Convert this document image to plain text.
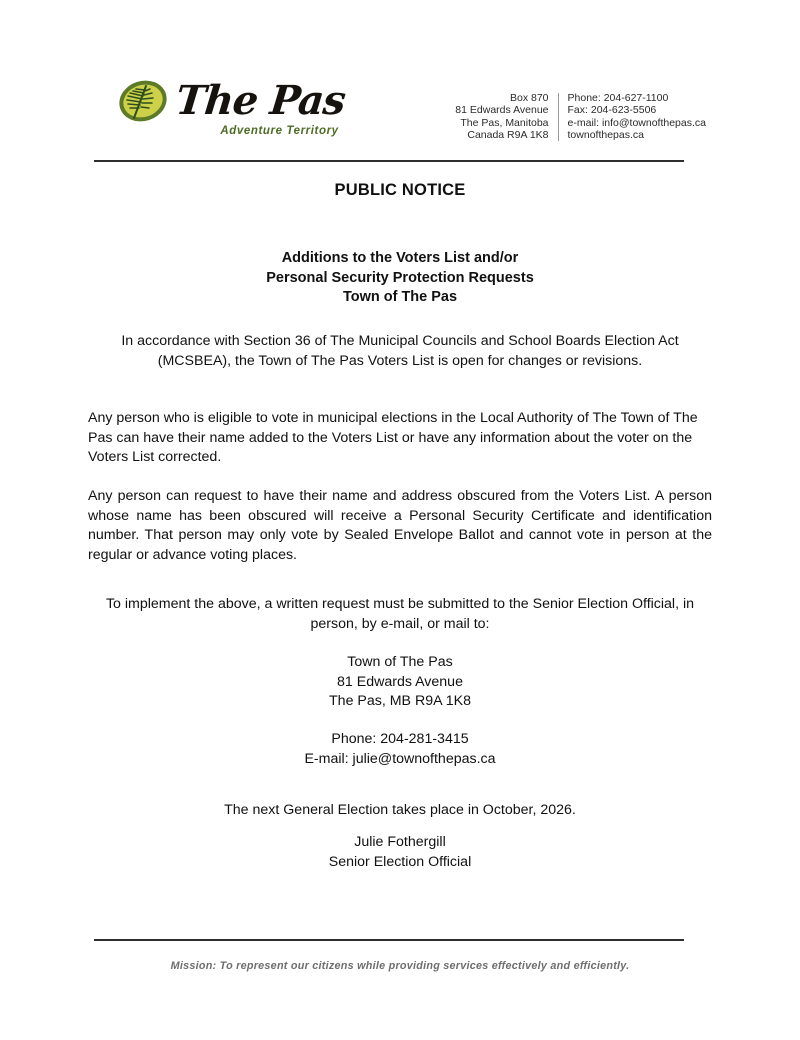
The Pas
Adventure Territory
Box 870
81 Edwards Avenue
The Pas, Manitoba
Canada R9A 1K8
Phone: 204-627-1100
Fax: 204-623-5506
e-mail: info@townofthepas.ca
townofthepas.ca
PUBLIC NOTICE
Additions to the Voters List and/or
Personal Security Protection Requests
Town of The Pas
In accordance with Section 36 of The Municipal Councils and School Boards Election Act (MCSBEA), the Town of The Pas Voters List is open for changes or revisions.
Any person who is eligible to vote in municipal elections in the Local Authority of The Town of The Pas can have their name added to the Voters List or have any information about the voter on the Voters List corrected.
Any person can request to have their name and address obscured from the Voters List. A person whose name has been obscured will receive a Personal Security Certificate and identification number. That person may only vote by Sealed Envelope Ballot and cannot vote in person at the regular or advance voting places.
To implement the above, a written request must be submitted to the Senior Election Official, in person, by e-mail, or mail to:
Town of The Pas
81 Edwards Avenue
The Pas, MB R9A 1K8
Phone: 204-281-3415
E-mail: julie@townofthepas.ca
The next General Election takes place in October, 2026.
Julie Fothergill
Senior Election Official
Mission: To represent our citizens while providing services effectively and efficiently.
